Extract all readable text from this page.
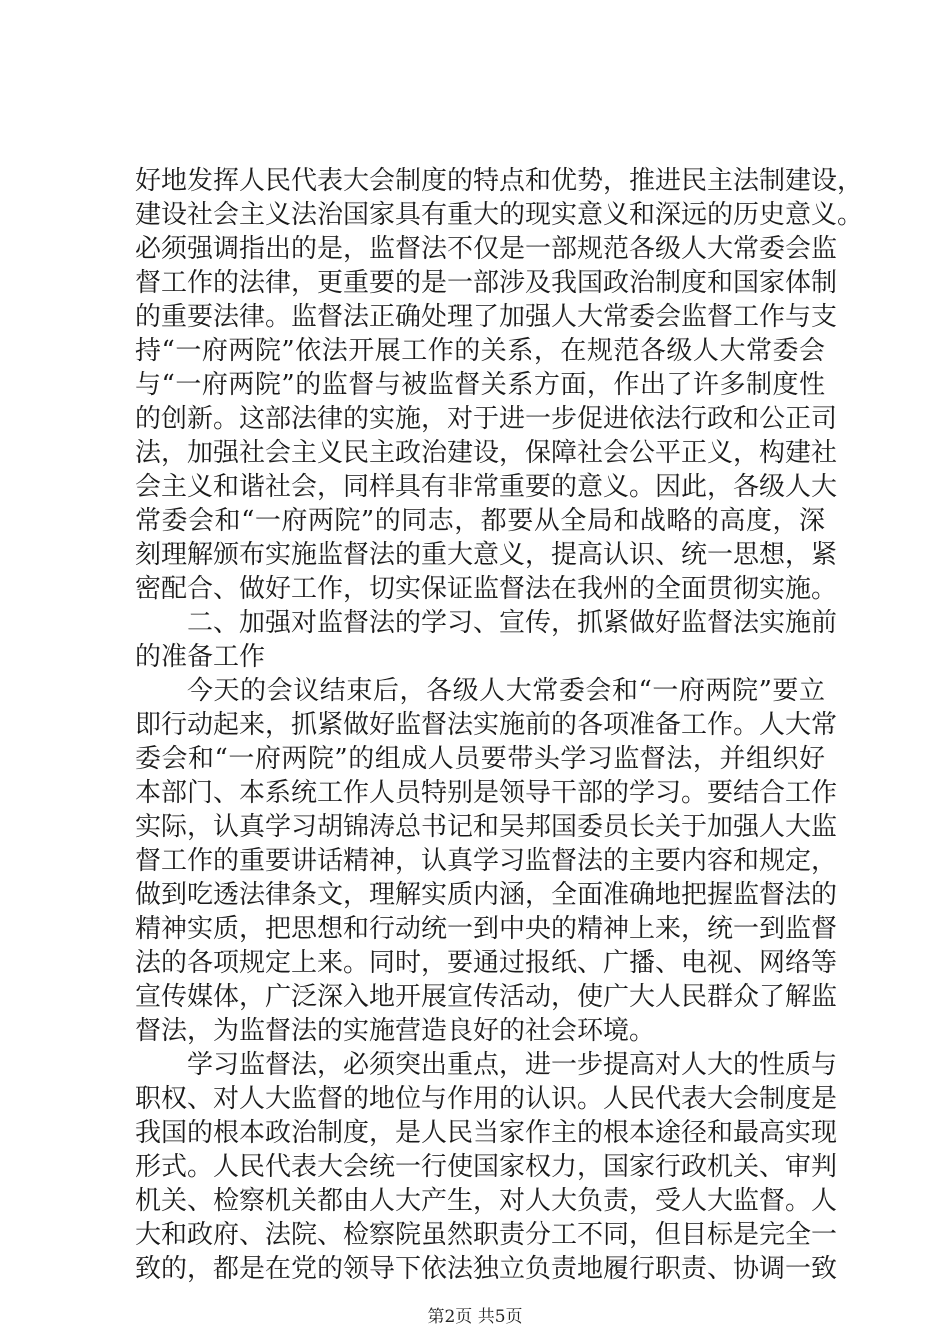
好地发挥人民代表大会制度的特点和优势，推进民主法制建设，
建设社会主义法治国家具有重大的现实意义和深远的历史意义。
必须强调指出的是，监督法不仅是一部规范各级人大常委会监
督工作的法律，更重要的是一部涉及我国政治制度和国家体制
的重要法律。监督法正确处理了加强人大常委会监督工作与支
持“一府两院”依法开展工作的关系，在规范各级人大常委会
与“一府两院”的监督与被监督关系方面，作出了许多制度性
的创新。这部法律的实施，对于进一步促进依法行政和公正司
法，加强社会主义民主政治建设，保障社会公平正义，构建社
会主义和谐社会，同样具有非常重要的意义。因此，各级人大
常委会和“一府两院”的同志，都要从全局和战略的高度，深
刻理解颁布实施监督法的重大意义，提高认识、统一思想，紧
密配合、做好工作，切实保证监督法在我州的全面贯彻实施。
二、加强对监督法的学习、宣传，抓紧做好监督法实施前
的准备工作
今天的会议结束后，各级人大常委会和“一府两院”要立
即行动起来，抓紧做好监督法实施前的各项准备工作。人大常
委会和“一府两院”的组成人员要带头学习监督法，并组织好
本部门、本系统工作人员特别是领导干部的学习。要结合工作
实际，认真学习胡锦涛总书记和吴邦国委员长关于加强人大监
督工作的重要讲话精神，认真学习监督法的主要内容和规定，
做到吃透法律条文，理解实质内涵，全面准确地把握监督法的
精神实质，把思想和行动统一到中央的精神上来，统一到监督
法的各项规定上来。同时，要通过报纸、广播、电视、网络等
宣传媒体，广泛深入地开展宣传活动，使广大人民群众了解监
督法，为监督法的实施营造良好的社会环境。
学习监督法，必须突出重点，进一步提高对人大的性质与
职权、对人大监督的地位与作用的认识。人民代表大会制度是
我国的根本政治制度，是人民当家作主的根本途径和最高实现
形式。人民代表大会统一行使国家权力，国家行政机关、审判
机关、检察机关都由人大产生，对人大负责，受人大监督。人
大和政府、法院、检察院虽然职责分工不同，但目标是完全一
致的，都是在党的领导下依法独立负责地履行职责、协调一致
第2页 共5页
